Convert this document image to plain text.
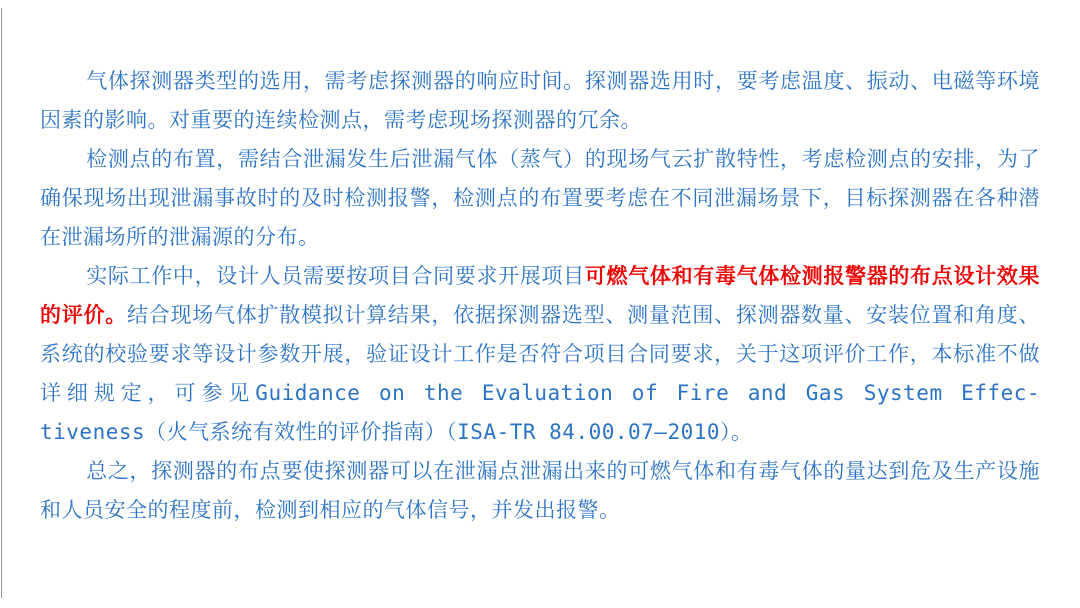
气体探测器类型的选用，需考虑探测器的响应时间。探测器选用时，要考虑温度、振动、电磁等环境因素的影响。对重要的连续检测点，需考虑现场探测器的冗余。

检测点的布置，需结合泄漏发生后泄漏气体（蒸气）的现场气云扩散特性，考虑检测点的安排，为了确保现场出现泄漏事故时的及时检测报警，检测点的布置要考虑在不同泄漏场景下，目标探测器在各种潜在泄漏场所的泄漏源的分布。

实际工作中，设计人员需要按项目合同要求开展项目可燃气体和有毒气体检测报警器的布点设计效果的评价。结合现场气体扩散模拟计算结果，依据探测器选型、测量范围、探测器数量、安装位置和角度、系统的校验要求等设计参数开展，验证设计工作是否符合项目合同要求，关于这项评价工作，本标准不做详细规定，可参见Guidance on the Evaluation of Fire and Gas System Effec-tiveness（火气系统有效性的评价指南）（ISA-TR 84.00.07—2010）。

总之，探测器的布点要使探测器可以在泄漏点泄漏出来的可燃气体和有毒气体的量达到危及生产设施和人员安全的程度前，检测到相应的气体信号，并发出报警。
